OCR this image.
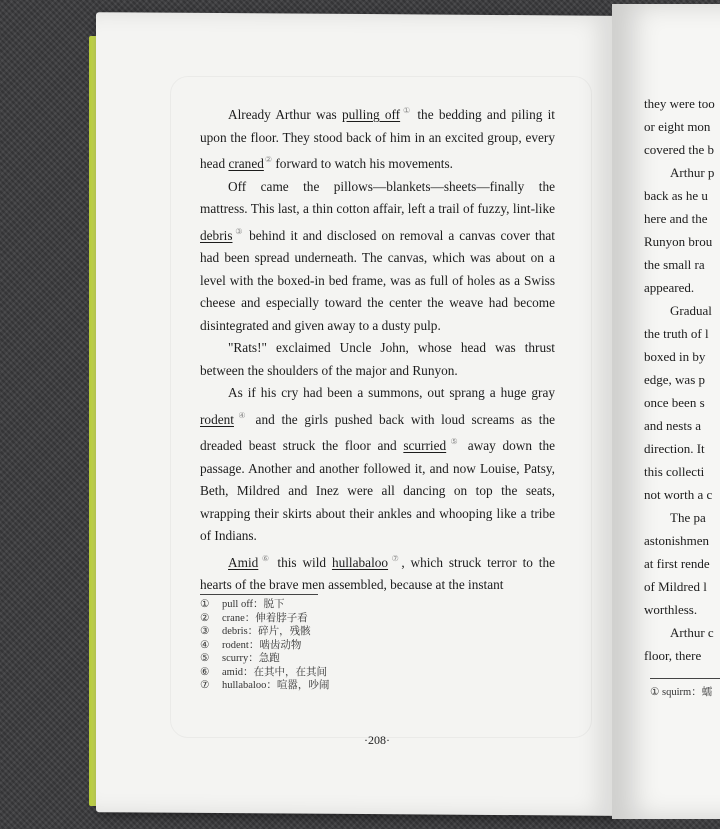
Already Arthur was pulling off① the bedding and piling it upon the floor. They stood back of him in an excited group, every head craned② forward to watch his movements.

Off came the pillows—blankets—sheets—finally the mattress. This last, a thin cotton affair, left a trail of fuzzy, lint-like debris③ behind it and disclosed on removal a canvas cover that had been spread underneath. The canvas, which was about on a level with the boxed-in bed frame, was as full of holes as a Swiss cheese and especially toward the center the weave had become disintegrated and given away to a dusty pulp.

"Rats!" exclaimed Uncle John, whose head was thrust between the shoulders of the major and Runyon.

As if his cry had been a summons, out sprang a huge gray rodent④ and the girls pushed back with loud screams as the dreaded beast struck the floor and scurried⑤ away down the passage. Another and another followed it, and now Louise, Patsy, Beth, Mildred and Inez were all dancing on top the seats, wrapping their skirts about their ankles and whooping like a tribe of Indians.

Amid⑥ this wild hullabaloo⑦, which struck terror to the hearts of the brave men assembled, because at the instant

①	pull off：脱下
②	crane：伸着脖子看
③	debris：碎片，残骸
④	rodent：啮齿动物
⑤	scurry：急跑
⑥	amid：在其中，在其间
⑦	hullabaloo：喧嚣，吵闹
·208·
they were too
or eight mon
covered the b
Arthur p
back as he u
here and the
Runyon brou
the small ra
appeared.
Gradual
the truth of l
boxed in by
edge, was p
once been s
and nests a
direction. It
this collecti
not worth a c
The pa
astonishmen
at first rende
of Mildred l
worthless.
Arthur c
floor, there
① squirm：蠕
